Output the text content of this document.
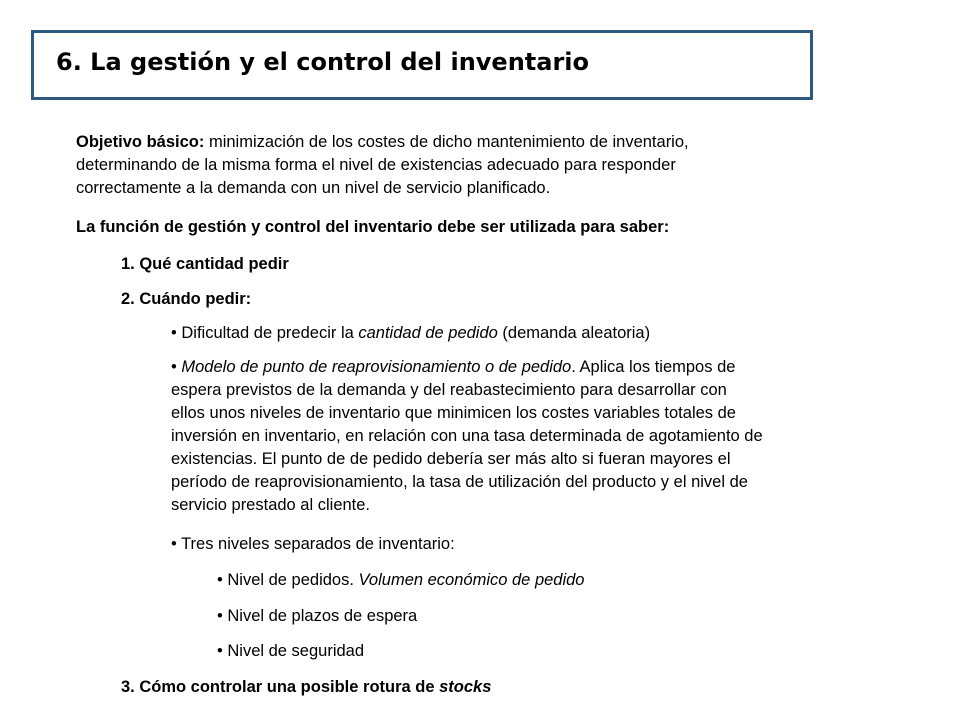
6. La gestión y el control del inventario

Objetivo básico: minimización de los costes de dicho mantenimiento de inventario,

determinando de la misma forma el nivel de existencias adecuado para responder

correctamente a la demanda con un nivel de servicio planificado.

La función de gestión y control del inventario debe ser utilizada para saber:

1. Qué cantidad pedir

2. Cuándo pedir:

• Dificultad de predecir la cantidad de pedido (demanda aleatoria)

• Modelo de punto de reaprovisionamiento o de pedido. Aplica los tiempos de

espera previstos de la demanda y del reabastecimiento para desarrollar con

ellos unos niveles de inventario que minimicen los costes variables totales de

inversión en inventario, en relación con una tasa determinada de agotamiento de

existencias. El punto de de pedido debería ser más alto si fueran mayores el

período de reaprovisionamiento, la tasa de utilización del producto y el nivel de

servicio prestado al cliente.

• Tres niveles separados de inventario:

• Nivel de pedidos. Volumen económico de pedido

• Nivel de plazos de espera

• Nivel de seguridad

3. Cómo controlar una posible rotura de stocks
